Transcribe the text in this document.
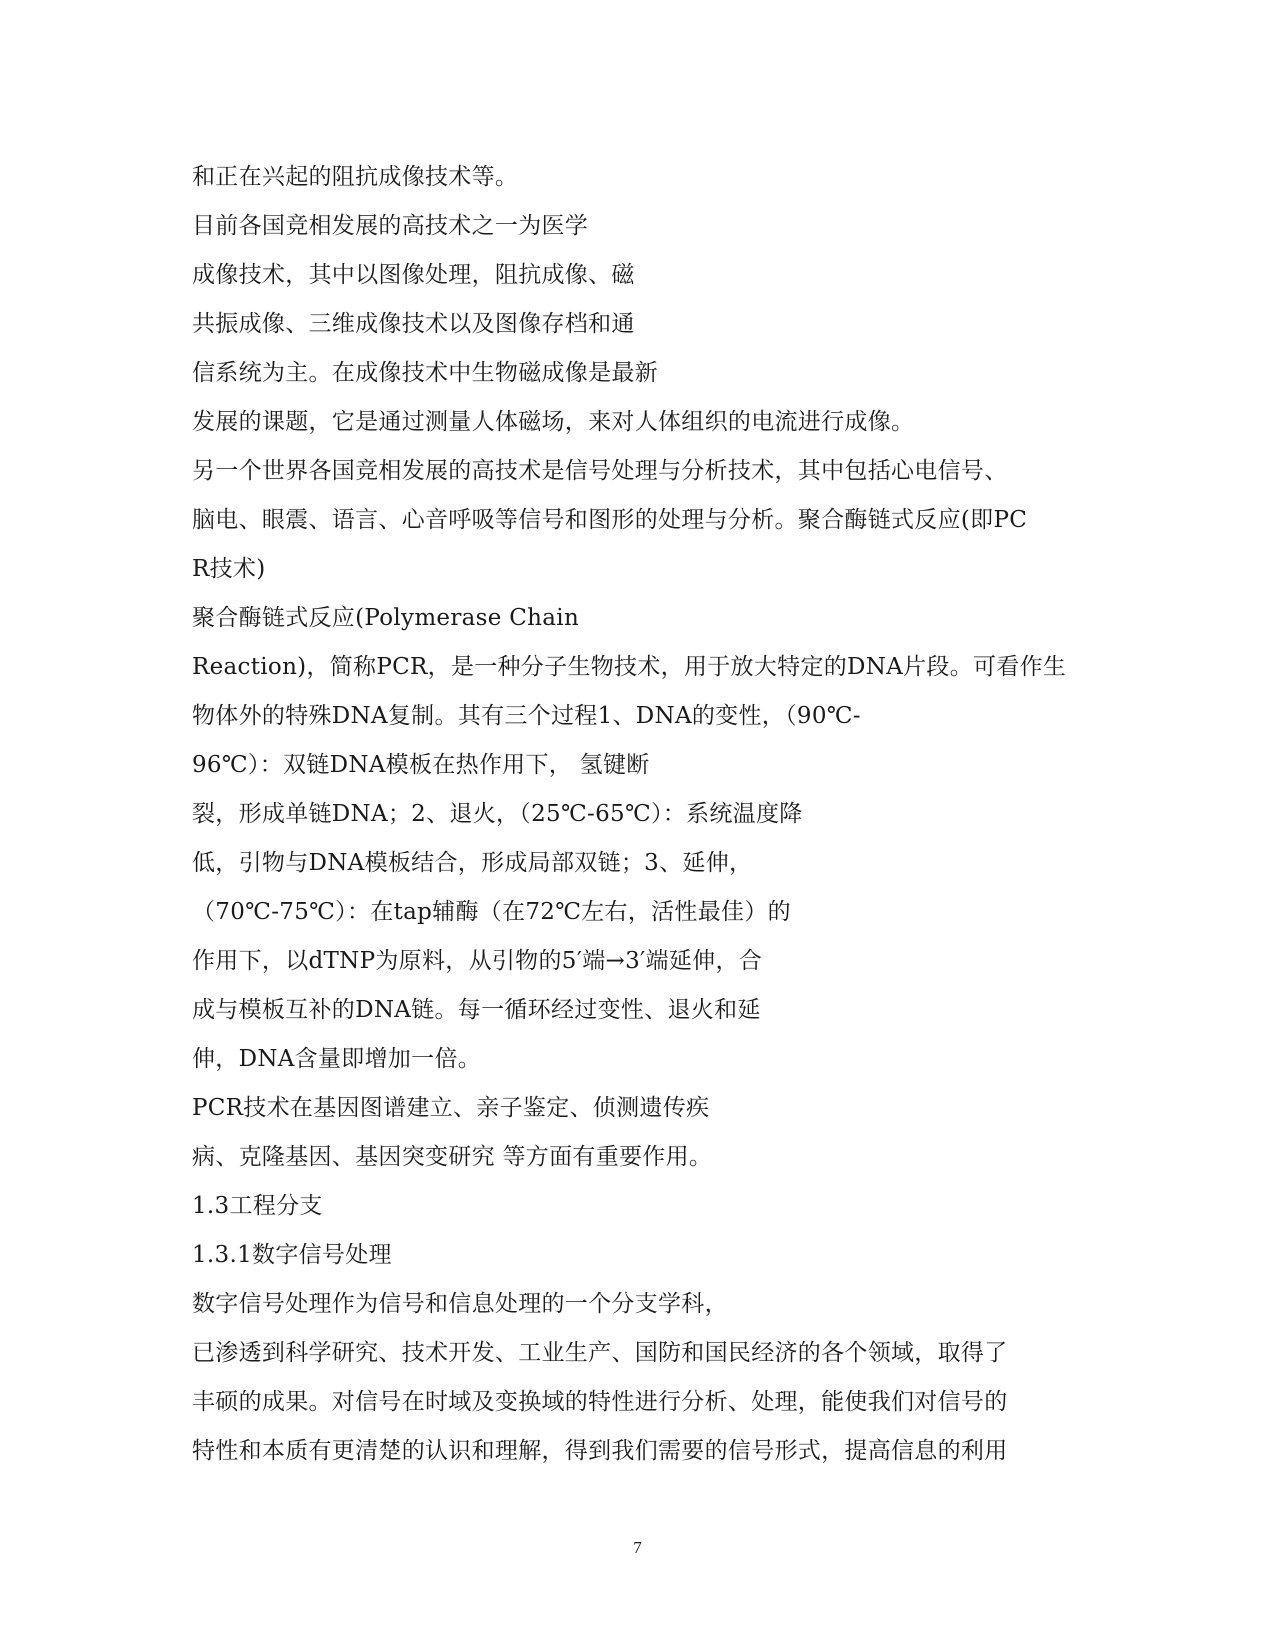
和正在兴起的阻抗成像技术等。
目前各国竞相发展的高技术之一为医学
成像技术，其中以图像处理，阻抗成像、磁
共振成像、三维成像技术以及图像存档和通
信系统为主。在成像技术中生物磁成像是最新
发展的课题，它是通过测量人体磁场，来对人体组织的电流进行成像。
另一个世界各国竞相发展的高技术是信号处理与分析技术，其中包括心电信号、
脑电、眼震、语言、心音呼吸等信号和图形的处理与分析。聚合酶链式反应(即PC
R技术)
聚合酶链式反应(Polymerase Chain
Reaction)，简称PCR，是一种分子生物技术，用于放大特定的DNA片段。可看作生
物体外的特殊DNA复制。其有三个过程1、DNA的变性，（90℃-
96℃）：双链DNA模板在热作用下， 氢键断
裂，形成单链DNA；2、退火，（25℃-65℃）：系统温度降
低，引物与DNA模板结合，形成局部双链；3、延伸，
（70℃-75℃）：在tap辅酶（在72℃左右，活性最佳）的
作用下，以dTNP为原料，从引物的5′端→3′端延伸，合
成与模板互补的DNA链。每一循环经过变性、退火和延
伸，DNA含量即增加一倍。
PCR技术在基因图谱建立、亲子鉴定、侦测遗传疾
病、克隆基因、基因突变研究 等方面有重要作用。
1.3工程分支
1.3.1数字信号处理
数字信号处理作为信号和信息处理的一个分支学科，
已渗透到科学研究、技术开发、工业生产、国防和国民经济的各个领域，取得了
丰硕的成果。对信号在时域及变换域的特性进行分析、处理，能使我们对信号的
特性和本质有更清楚的认识和理解，得到我们需要的信号形式，提高信息的利用
7
